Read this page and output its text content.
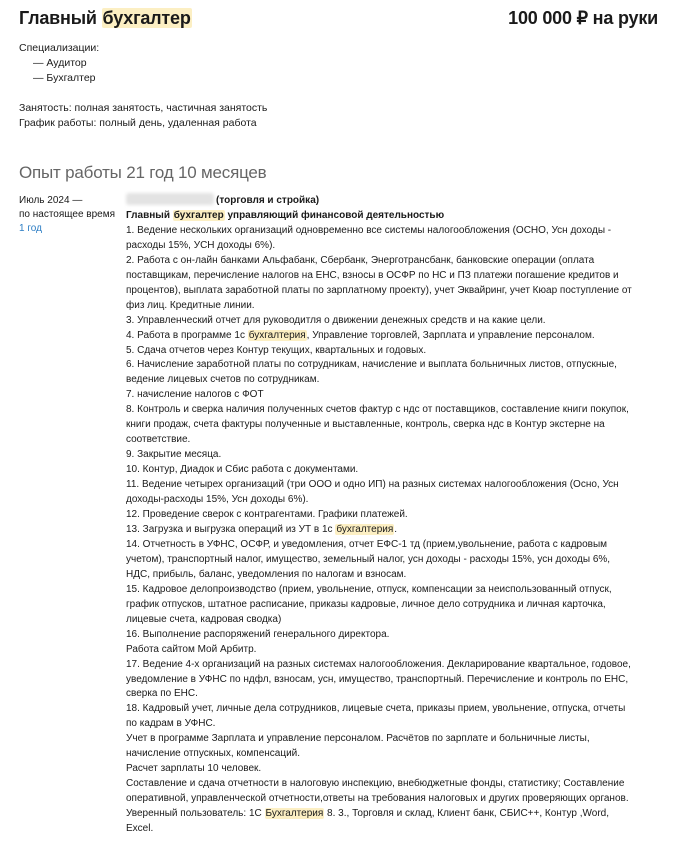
Главный бухгалтер	100 000 ₽ на руки
Специализации:
— Аудитор
— Бухгалтер
Занятость: полная занятость, частичная занятость
График работы: полный день, удаленная работа
Опыт работы 21 год 10 месяцев
Июль 2024 —
по настоящее время
1 год
(торговля и стройка)
Главный бухгалтер управляющий финансовой деятельностью

1. Ведение нескольких организаций одновременно все системы налогообложения (ОСНО, Усн доходы - расходы 15%, УСН доходы 6%).

2. Работа с он-лайн банками Альфабанк, Сбербанк, Энерготрансбанк, банковские операции (оплата поставщикам, перечисление налогов на ЕНС, взносы в ОСФР по НС и ПЗ платежи погашение кредитов и процентов), выплата заработной платы по зарплатному проекту), учет Эквайринг, учет Кюар поступление от физ лиц. Кредитные линии.

3. Управленческий отчет для руководитля о движении денежных средств и на какие цели.

4. Работа в программе 1с бухгалтерия, Управление торговлей, Зарплата и управление персоналом.

5. Сдача отчетов через Контур текущих, квартальных и годовых.

6. Начисление заработной платы по сотрудникам, начисление и выплата больничных листов, отпускные, ведение лицевых счетов по сотрудникам.

7. начисление налогов с ФОТ

8. Контроль и сверка наличия полученных счетов фактур с ндс от поставщиков, составление книги покупок, книги продаж, счета фактуры полученные и выставленные, контроль, сверка ндс в Контур экстерне на соответствие.

9. Закрытие месяца.

10. Контур, Диадок и Сбис работа с документами.

11. Ведение четырех организаций (три ООО и одно ИП) на разных системах налогообложения (Осно, Усн доходы-расходы 15%, Усн доходы 6%).

12. Проведение сверок с контрагентами. Графики платежей.

13. Загрузка и выгрузка операций из УТ в 1с бухгалтерия.

14. Отчетность в УФНС, ОСФР, и уведомления, отчет ЕФС-1 тд (прием,увольнение, работа с кадровым учетом), транспортный налог, имущество, земельный налог, усн доходы - расходы 15%, усн доходы 6%, НДС, прибыль, баланс, уведомления по налогам и взносам.

15. Кадровое делопроизводство (прием, увольнение, отпуск, компенсации за неиспользованный отпуск, график отпусков, штатное расписание, приказы кадровые, личное дело сотрудника и личная карточка, лицевые счета, кадровая сводка)

16. Выполнение распоряжений генерального директора.

Работа сайтом Мой Арбитр.

17. Ведение 4-х организаций на разных системах налогообложения. Декларирование квартальное, годовое, уведомление в УФНС по ндфл, взносам, усн, имущество, транспортный. Перечисление и контроль по ЕНС, сверка по ЕНС.

18. Кадровый учет, личные дела сотрудников, лицевые счета, приказы прием, увольнение, отпуска, отчеты по кадрам в УФНС.

Учет в программе Зарплата и управление персоналом. Расчётов по зарплате и больничные листы, начисление отпускных, компенсаций.

Расчет зарплаты 10 человек.

Составление и сдача отчетности в налоговую инспекцию, внебюджетные фонды, статистику; Составление оперативной, управленческой отчетности,ответы на требования налоговых и других проверяющих органов. Уверенный пользователь: 1С Бухгалтерия 8. 3., Торговля и склад, Клиент банк, СБИС++, Контур ,Word, Excel.
